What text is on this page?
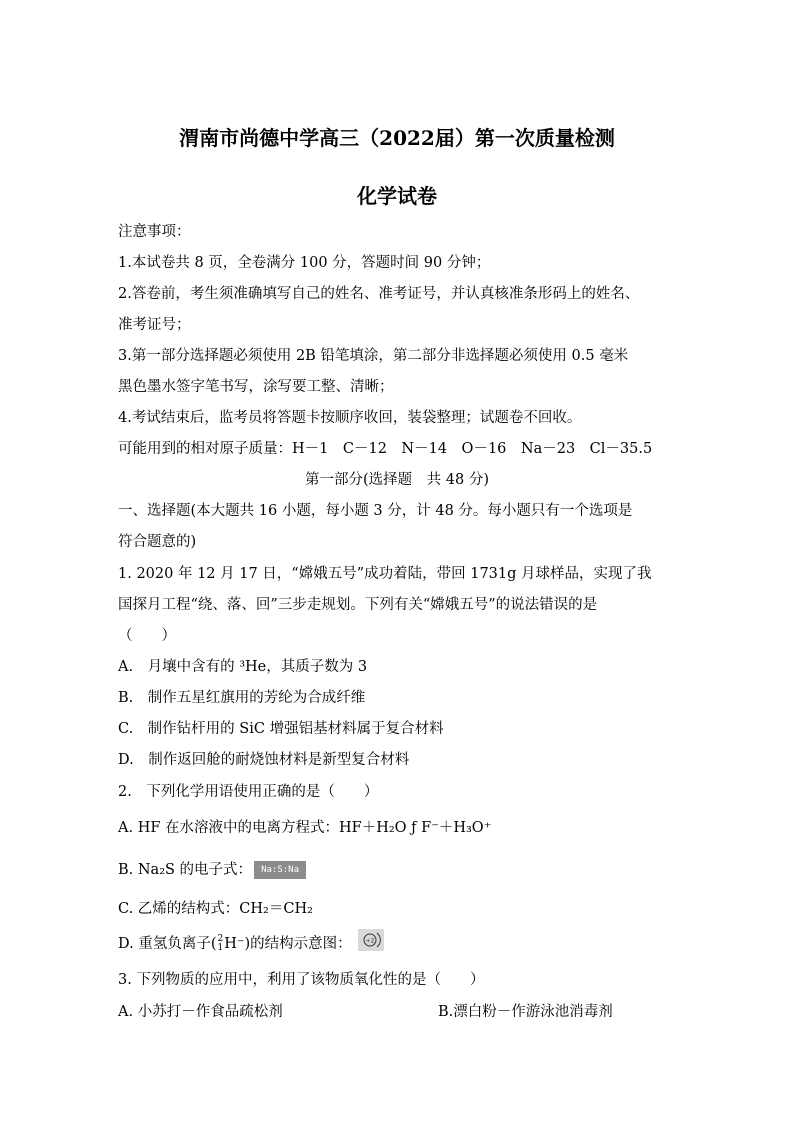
渭南市尚德中学高三（2022届）第一次质量检测
化学试卷
注意事项：
1.本试卷共 8 页，全卷满分 100 分，答题时间 90 分钟；
2.答卷前，考生须准确填写自己的姓名、准考证号，并认真核准条形码上的姓名、
准考证号；
3.第一部分选择题必须使用 2B 铅笔填涂，第二部分非选择题必须使用 0.5 毫米
黑色墨水签字笔书写，涂写要工整、清晰；
4.考试结束后，监考员将答题卡按顺序收回，装袋整理；试题卷不回收。
可能用到的相对原子质量：H－1　C－12　N－14　O－16　Na－23　Cl－35.5
第一部分(选择题　共 48 分)
一、选择题(本大题共 16 小题，每小题 3 分，计 48 分。每小题只有一个选项是
符合题意的)
1. 2020 年 12 月 17 日，“嫦娥五号”成功着陆，带回 1731g 月球样品，实现了我
国探月工程“绕、落、回”三步走规划。下列有关“嫦娥五号”的说法错误的是
（　　）
A.　月壤中含有的 ³He，其质子数为 3
B.　制作五星红旗用的芳纶为合成纤维
C.　制作钻杆用的 SiC 增强铝基材料属于复合材料
D.　制作返回舱的耐烧蚀材料是新型复合材料
2.　下列化学用语使用正确的是（　　）
A. HF 在水溶液中的电离方程式：HF＋H₂O ƒ F⁻＋H₃O⁺
B. Na₂S 的电子式： Na:S:Na
C. 乙烯的结构式：CH₂＝CH₂
D. 重氢负离子( 2
1 H⁻)的结构示意图： +2
3. 下列物质的应用中，利用了该物质氧化性的是（　　）
A. 小苏打－作食品疏松剂	B.漂白粉－作游泳池消毒剂
